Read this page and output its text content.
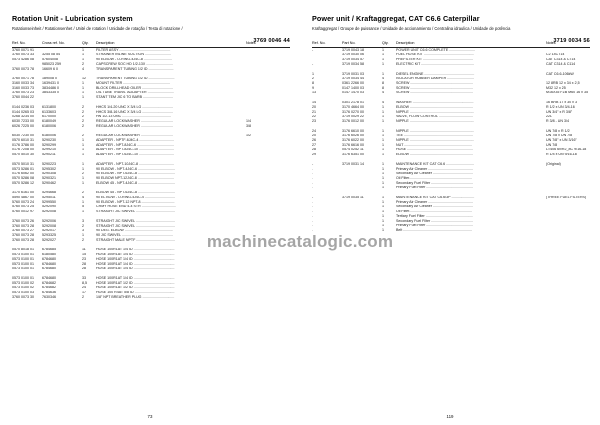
Rotation Unit - Lubrication system
Rotationseinheit / Rotationsenhet / Unité de rotation / Unidade de rotação / Testa di rotazione /

3769 0046 44
Ref. No.	Cross ref. No.	Qty.	Description	Notes
3760 0071 91		1	FILTER ASSY ...................................................	
3760 0073 33	3255 08 54	1	STRAINER INLINE SUCTION ..........................	
0573 4286 08	57604008	1	90 ELBOW - O-RING-4J4C-8 ............................	
	985023 259	2	CAPSCREW SOC HD 1/2-13X ...........................	
3760 0073 78	16609 6 0	4	TRANSPARENT TUBING 1/2 ID .........................	

3760 0071 78	189008 0	12	TRANSPARENT TUBING 1/2 ID ..........................	
3160 0033 34	1639431 0	1	MOUNT FILTER ...............................................	
3160 0033 73	3834486 0	1	BLOCK DRILLHEAD OILER ...............................	
3760 0073 23	3843335 0	1	OIL TUBE TRANS. ADDAPTER ..........................	
3760 0044 22		1	STANT TEM JIC 6 TO BARB ..............................	

0144 0236 03	6131800	2	HHCS 1/4-20 UNC X 3/4 LG ...............................	
0144 0265 03	6133603	2	HHCS 3/8-16 UNC X 3/4 LG ...............................	
0268 3234 00	6170000	2	HN 1/2-13 UNC .................................................	
6030 7233 00	6180049	2	REGULAR LOCKWASHER ................................	1/4
6026 7225 00	6180006	2	REGULAR LOCKWASHER ................................	3/8

6030 7230 00	6180006	2	REGULAR LOCKWASHER ................................	1/2
0570 6010 31	5290230	1	ADAPTER - NPTF-6J4C-4 ...................................	
0176 3786 00	5290299	1	ADAPTER - NPT-8J4C-6 .....................................	
0176 7208 00	5299210	1	ADAPTER - NPT-8J4C-10 ...................................	
0570 5010 30	5290211	1	ADAPTER - NPT-6J4C-10 ...................................	

0570 5010 31	5290223	1	ADAPTER - NPT-10J4C-8 ...................................	
0573 5286 01	5295302	1	90 ELBOW - NPT-4J4C-6 .....................................	
0176 6062 00	5290308	2	90 ELBOW - NPT-6J4C-8 .....................................	
0570 5286 08	5290321	1	90 ELBOW NPT-12J4C-8 ....................................	
0570 5286 12	5290462	1	ELBOW 45 - NPT-4J4C-8 .....................................	

3170 6161 00	5294668	2	ELBOW 45 - NPT-6J4C-8 .....................................	
5590 4867 00	5295011	4	90 EL BOW - O-RING-4J4C-4 ..............................	
5760 0073 24	5299550	1	90 ELBOW - NPT-12 NPT-8 .................................	
5760 0073 25	5292090	5	CRMY HOSE END 4-4 STR ..................................	
5760 0012 97	5292008	1	STRAIGHT JIC SWIVEL .......................................	

3760 0073 26	5292006	3	STRAIGHT JIC SWIVEL .......................................	
3760 0073 28	5292008	2	STRAIGHT JIC SWIVEL .......................................	
3760 0073 27	5292017	3	90 DEG. ELBOW ................................................	
3760 0073 28	5293325	1	90 JIC SWIVEL ...................................................	
3760 0073 28	5292027	2	STRAIGHT MALE NPTF .......................................	

0570 8018 01	6784685	11	HOSE 100R1AT 1/4 ID .........................................	
0573 0100 01	6180580	15	HOSE 100R1AT 1/4 ID .........................................	
0573 0100 01	6784680	23	HOSE 100R1AT 1/4 ID .........................................	
0573 0100 01	6784680	28	HOSE 100R1AT 1/4 ID .........................................	
0573 0100 01	6784680	28	HOSE 100R1AT 1/4 ID .........................................	

0573 0100 01	6784680	33	HOSE 100R1AT 1/4 ID .........................................	
0573 0100 02	6784682	8,5	HOSE 100R1AT 1/2 ID .........................................	
0573 0100 02	6784682	24	HOSE 100R1AT 1/2 ID .........................................	
0573 0100 03	6784636	17	HOSE 100 R4AT 5/8 ID ........................................	
3760 0073 30	7630346	2	1/8" NPT BREATHER PLUG ................................	
73
Power unit / Kraftaggregat, CAT C6.6 Caterpillar
Kraftaggregat / Groupe de puissance / Unidade de accionamiento / Centralina idraulica / Unidade de potência

3719 0034 56
Ref. No.	Part No.	Qty.	Description	Notes
-	3719 0043 18	1	POWER UNIT C6.6 COMPLETE ..........................	
	3719 0030 06	1	FUEL HOSE KIT ..................................................	C2 14CT14
	3719 0034 57	1	PREFILTER KIT ..................................................	CAT C314 & C714
-	3719 0034 58	1	ELECTRIC KIT .....................................................	CAT C314 & C114

1	3719 0031 03	1	DIESEL ENGINE ..................................................	CAT C6.6-106kW
2	3719 0034 44	4	ISOLATOR RUBBER DAMPER ...........................	
8	0361 2266 00	8	SCREW ...............................................................	12 8RB 12 x 34 x 2,5
9	0147 1400 03	8	SCREW ...............................................................	M32 12 x 25
13	0147 1470 03	4	SCREW ...............................................................	M16X35 FZB M60 16 x 35

14	0301 2178 01	4	WASHER .............................................................	16 BRB 17 x 30 x 3
20	3170 4664 00	1	ELBOW ...............................................................	R 1/2 x UN 3/4-16
21	3176 0270 00	1	NIPPLE ................................................................	UN 3/4" x R 3/8"
22	3719 0029 22	1	VALVE, FLOW CONTROL ..................................	22L
23	3176 0012 00	1	NIPPLE ................................................................	R 3/8 - UN 3/4

24	3176 6610 00	1	NIPPLE ................................................................	UN 7/8 x R 1/2
20	3176 6026 00	1	TEE .....................................................................	UN 7/8 x UN 7/8
26	3176 6022 00	1	NIPPLE ................................................................	UN 7/8" x UN 3/16"
27	3176 6616 00	1	NUT ....................................................................	UN 7/8
28	0574 0252 11	1	HOSE ..................................................................	L=406 6x/R2_8C 9/16-18
29	3176 6351 00	1	ELBOW ...............................................................	R 1/4 x UN 9/16-18

-	3719 0031 14	1	MAINTENANCE KIT CAT C6.6 ............................	(Original)
.		1	Primary Air Cleaner .............................................	
.		1	Secondary Air Cleaner ........................................	
.		1	Oil Filter...............................................................	
.		1	Secondary Fuel Filter ..........................................	
.		1	Primary Fuel Filter ...............................................	

-	3719 0035 11	1	MAINTENANCE KIT CAT C6.6/3P .......................	(THREE FUEL FILTERS)
.		1	Primary Air Cleaner .............................................	
.		1	Secondary Air Cleaner ........................................	
.		1	Oil Filter...............................................................	
.		1	Tertiary Fuel Filter ...............................................	
.		1	Secondary Fuel Filter ..........................................	
.		1	Primary Fuel Filter ...............................................	
.		1	Belt .....................................................................	
119
machinecatalogic.com
